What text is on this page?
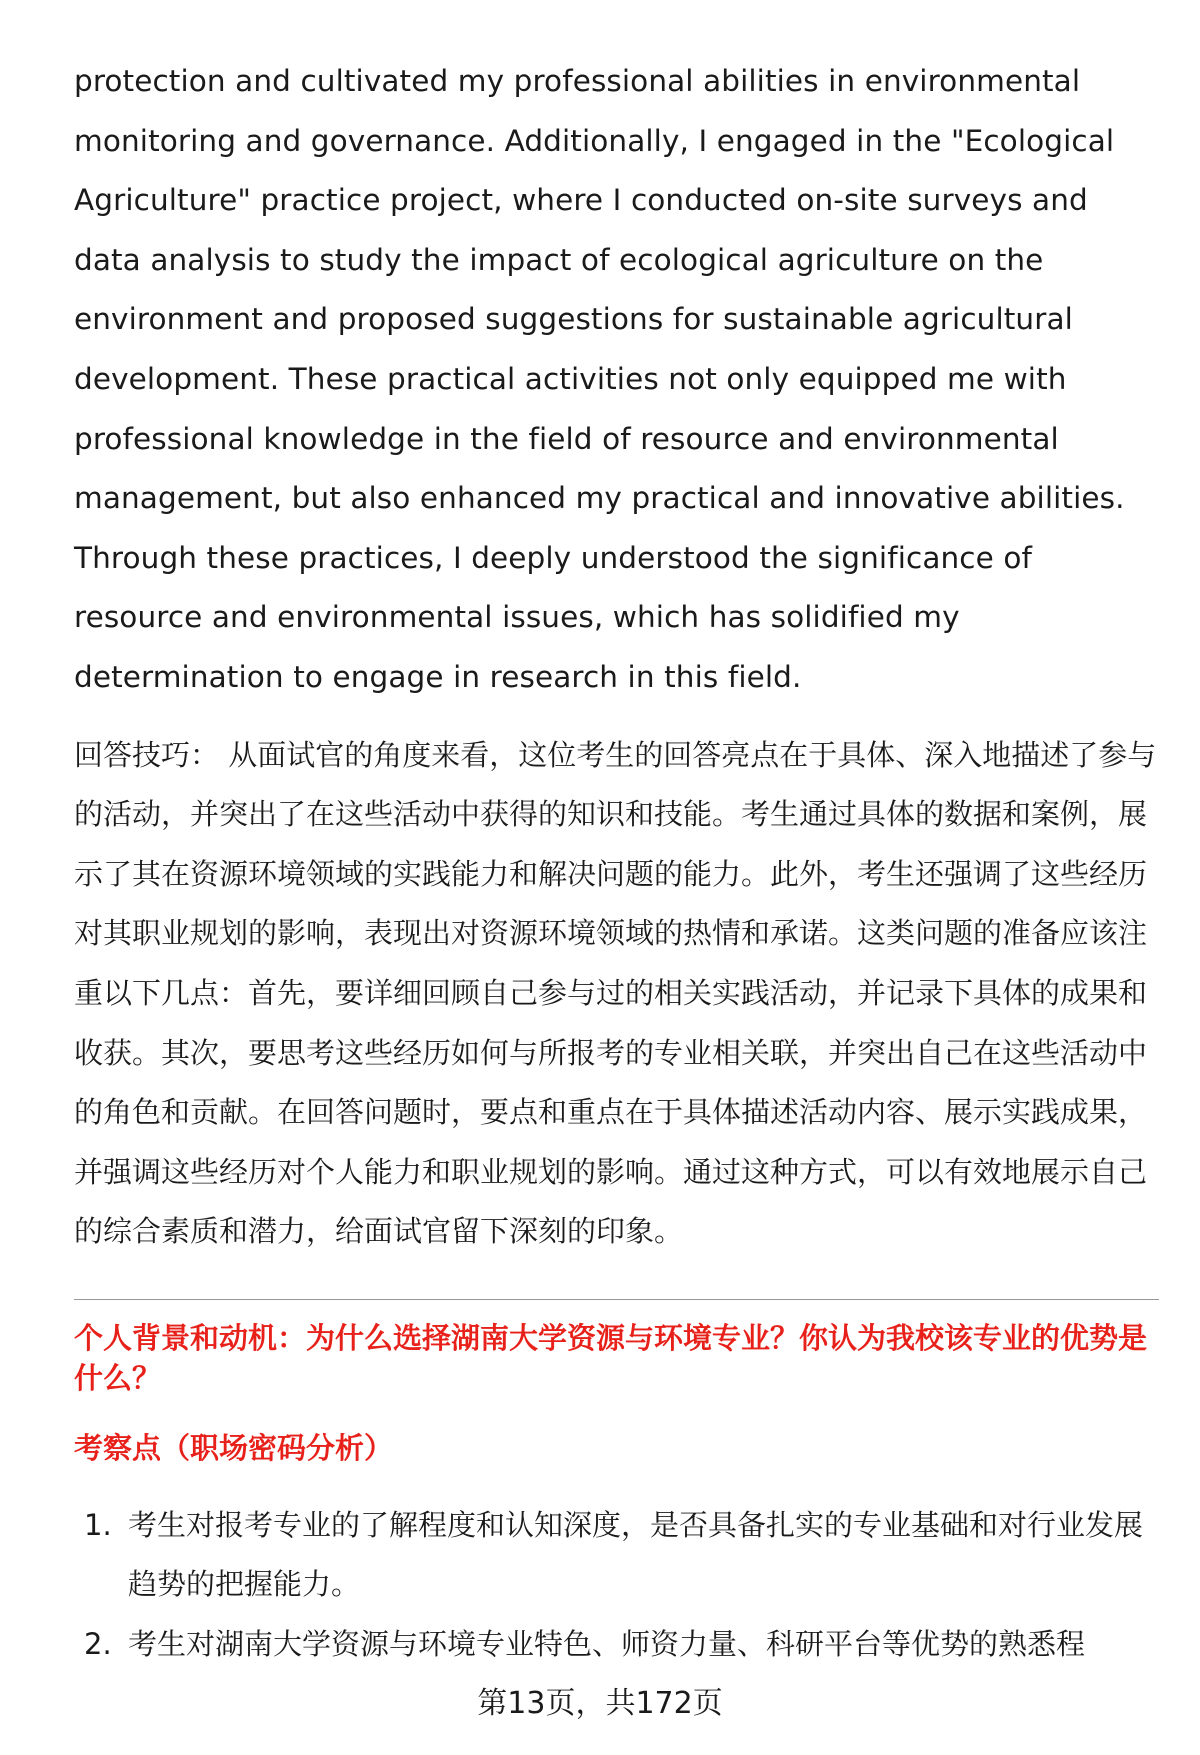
protection and cultivated my professional abilities in environmental monitoring and governance. Additionally, I engaged in the "Ecological Agriculture" practice project, where I conducted on-site surveys and data analysis to study the impact of ecological agriculture on the environment and proposed suggestions for sustainable agricultural development. These practical activities not only equipped me with professional knowledge in the field of resource and environmental management, but also enhanced my practical and innovative abilities. Through these practices, I deeply understood the significance of resource and environmental issues, which has solidified my determination to engage in research in this field.

回答技巧： 从面试官的角度来看，这位考生的回答亮点在于具体、深入地描述了参与的活动，并突出了在这些活动中获得的知识和技能。考生通过具体的数据和案例，展示了其在资源环境领域的实践能力和解决问题的能力。此外，考生还强调了这些经历对其职业规划的影响，表现出对资源环境领域的热情和承诺。这类问题的准备应该注重以下几点：首先，要详细回顾自己参与过的相关实践活动，并记录下具体的成果和收获。其次，要思考这些经历如何与所报考的专业相关联，并突出自己在这些活动中的角色和贡献。在回答问题时，要点和重点在于具体描述活动内容、展示实践成果，并强调这些经历对个人能力和职业规划的影响。通过这种方式，可以有效地展示自己的综合素质和潜力，给面试官留下深刻的印象。

个人背景和动机：为什么选择湖南大学资源与环境专业？你认为我校该专业的优势是什么？
考察点（职场密码分析）
1. 考生对报考专业的了解程度和认知深度，是否具备扎实的专业基础和对行业发展趋势的把握能力。
2. 考生对湖南大学资源与环境专业特色、师资力量、科研平台等优势的熟悉程
第13页，共172页
